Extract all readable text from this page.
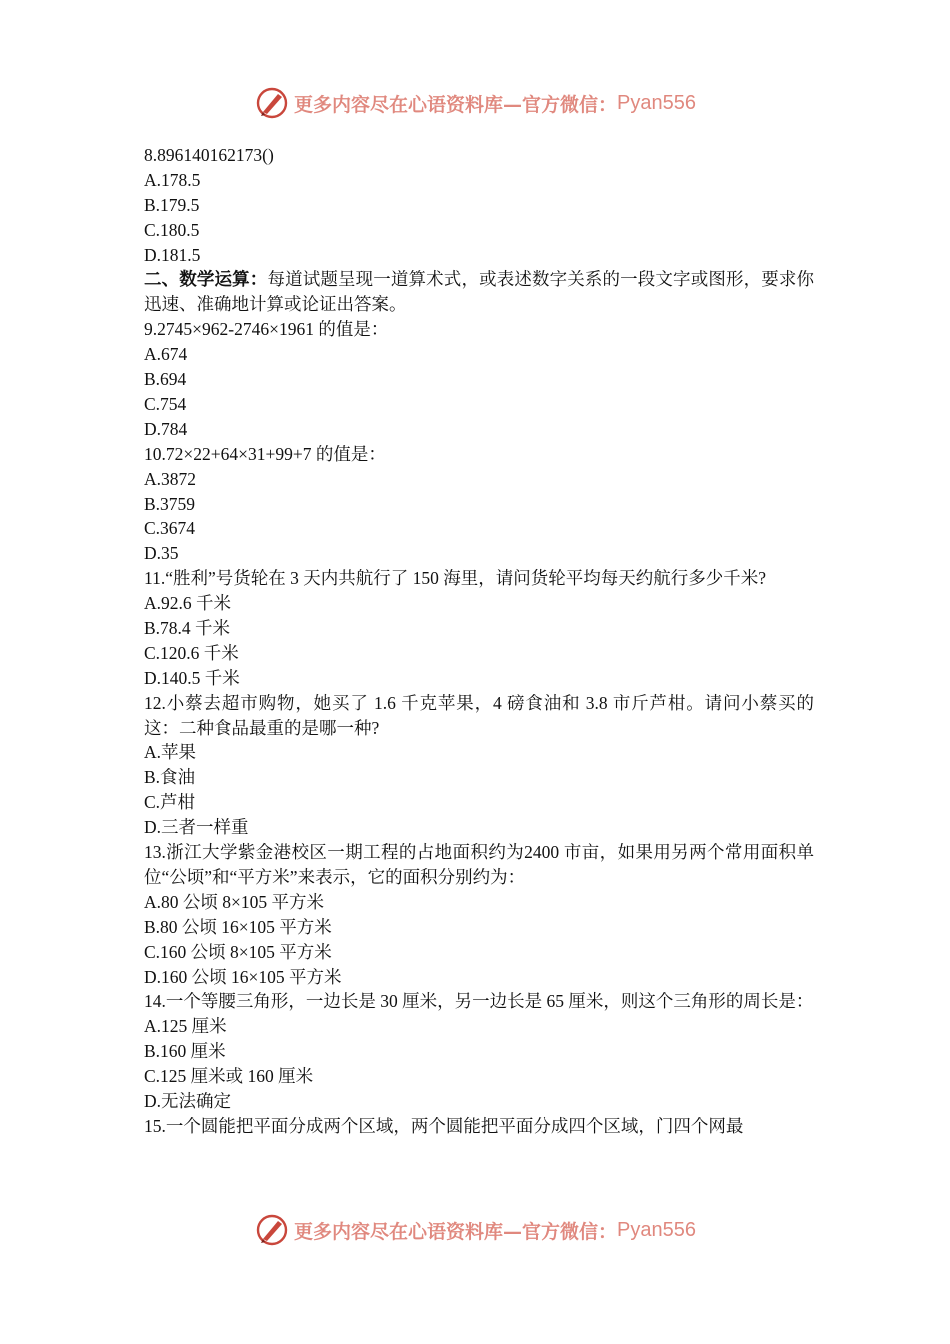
更多内容尽在心语资料库—官方微信： Pyan556
8.896140162173()
A.178.5
B.179.5
C.180.5
D.181.5
二、数学运算：每道试题呈现一道算术式，或表述数字关系的一段文字或图形，要求你迅速、准确地计算或论证出答案。
9.2745×962-2746×1961 的值是：
A.674
B.694
C.754
D.784
10.72×22+64×31+99+7 的值是：
A.3872
B.3759
C.3674
D.35
11.“胜利”号货轮在 3 天内共航行了 150 海里，请问货轮平均每天约航行多少千米?
A.92.6 千米
B.78.4 千米
C.120.6 千米
D.140.5 千米
12.小蔡去超市购物，她买了 1.6 千克苹果，4 磅食油和 3.8 市斤芦柑。请问小蔡买的这：二种食品最重的是哪一种?
A.苹果
B.食油
C.芦柑
D.三者一样重
13.浙江大学紫金港校区一期工程的占地面积约为2400 市亩，如果用另两个常用面积单位“公顷”和“平方米”来表示，它的面积分别约为：
A.80 公顷 8×105 平方米
B.80 公顷 16×105 平方米
C.160 公顷 8×105 平方米
D.160 公顷 16×105 平方米
14.一个等腰三角形，一边长是 30 厘米，另一边长是 65 厘米，则这个三角形的周长是：
A.125 厘米
B.160 厘米
C.125 厘米或 160 厘米
D.无法确定
15.一个圆能把平面分成两个区域，两个圆能把平面分成四个区域，门四个网最
更多内容尽在心语资料库—官方微信： Pyan556
